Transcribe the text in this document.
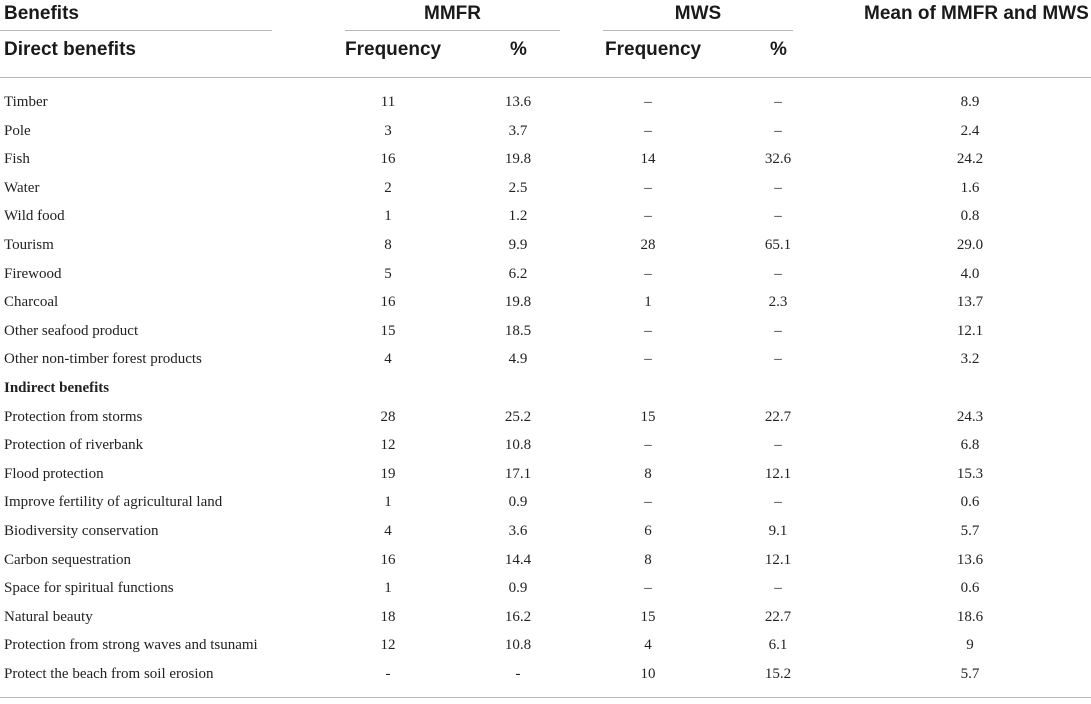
Benefits	MMFR	MWS	Mean of MMFR and MWS
Direct benefits	Frequency	%	Frequency	%
Timber	11	13.6	–	–	8.9
Pole	3	3.7	–	–	2.4
Fish	16	19.8	14	32.6	24.2
Water	2	2.5	–	–	1.6
Wild food	1	1.2	–	–	0.8
Tourism	8	9.9	28	65.1	29.0
Firewood	5	6.2	–	–	4.0
Charcoal	16	19.8	1	2.3	13.7
Other seafood product	15	18.5	–	–	12.1
Other non-timber forest products	4	4.9	–	–	3.2
Indirect benefits
Protection from storms	28	25.2	15	22.7	24.3
Protection of riverbank	12	10.8	–	–	6.8
Flood protection	19	17.1	8	12.1	15.3
Improve fertility of agricultural land	1	0.9	–	–	0.6
Biodiversity conservation	4	3.6	6	9.1	5.7
Carbon sequestration	16	14.4	8	12.1	13.6
Space for spiritual functions	1	0.9	–	–	0.6
Natural beauty	18	16.2	15	22.7	18.6
Protection from strong waves and tsunami	12	10.8	4	6.1	9
Protect the beach from soil erosion	-	-	10	15.2	5.7
